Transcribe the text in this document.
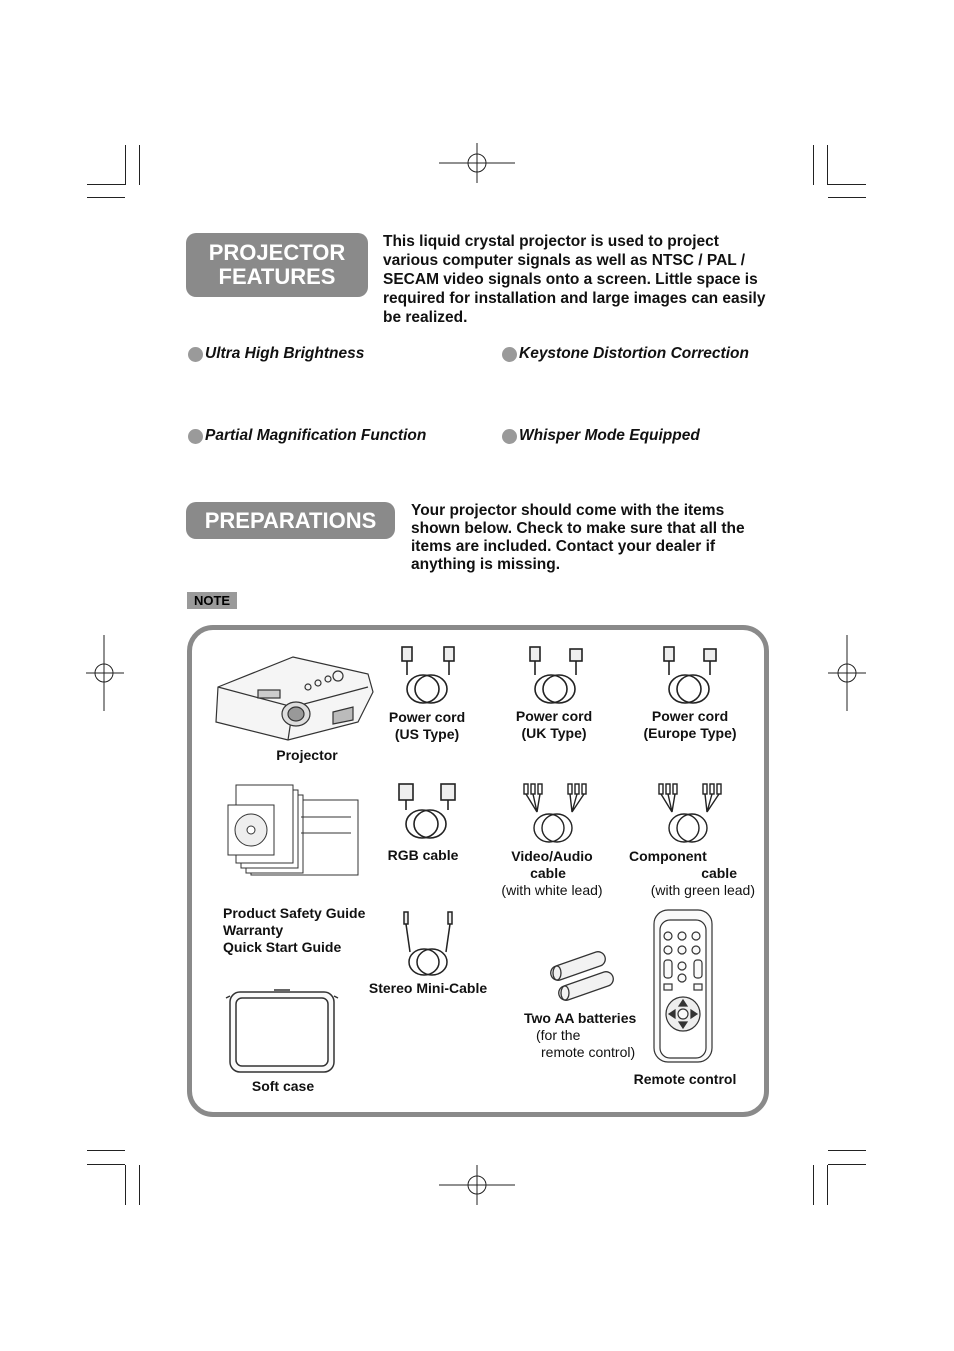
PROJECTOR
FEATURES
This liquid crystal projector is used to project various computer signals as well as NTSC / PAL / SECAM video signals onto a screen. Little space is required for installation and large images can easily be realized.
Ultra High Brightness	Keystone Distortion Correction
Partial Magnification Function	Whisper Mode Equipped
PREPARATIONS	Your projector should come with the items shown below. Check to make sure that all the items are included. Contact your dealer if anything is missing.
NOTE
Projector
Power cord
(US Type)
Power cord
(UK Type)
Power cord
(Europe Type)
Product Safety Guide
Warranty
Quick Start Guide
RGB cable	Video/Audio
cable
(with white lead)
Component
cable
(with green lead)
Stereo Mini-Cable
Two AA batteries
(for the
remote control)
Remote control
Soft case
